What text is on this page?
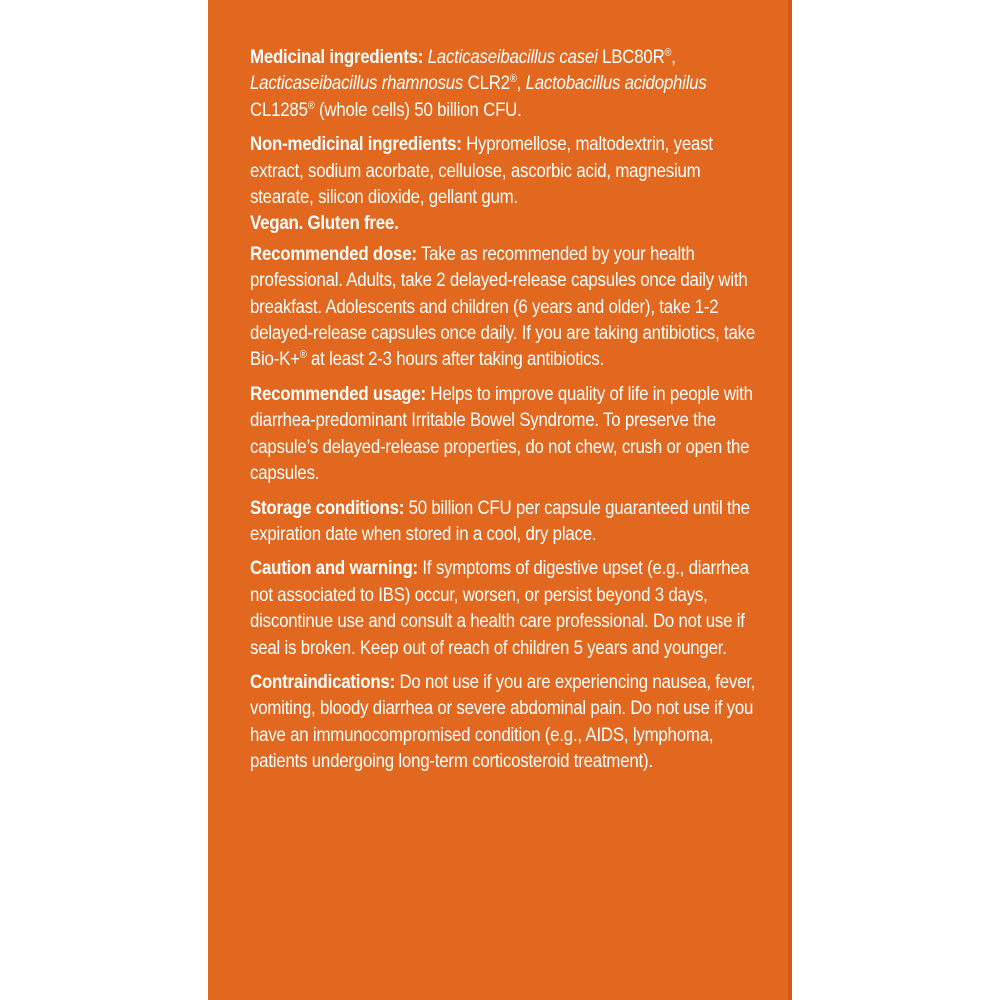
Medicinal ingredients: Lacticaseibacillus casei LBC80R®,
Lacticaseibacillus rhamnosus CLR2®, Lactobacillus acidophilus CL1285® (whole cells) 50 billion CFU.

Non-medicinal ingredients: Hypromellose, maltodextrin, yeast extract, sodium acorbate, cellulose, ascorbic acid, magnesium stearate, silicon dioxide, gellant gum.
Vegan. Gluten free.

Recommended dose: Take as recommended by your health professional. Adults, take 2 delayed-release capsules once daily with breakfast. Adolescents and children (6 years and older), take 1-2 delayed-release capsules once daily. If you are taking antibiotics, take Bio-K+® at least 2-3 hours after taking antibiotics.

Recommended usage: Helps to improve quality of life in people with diarrhea-predominant Irritable Bowel Syndrome. To preserve the capsule’s delayed-release properties, do not chew, crush or open the capsules.

Storage conditions: 50 billion CFU per capsule guaranteed until the expiration date when stored in a cool, dry place.

Caution and warning: If symptoms of digestive upset (e.g., diarrhea not associated to IBS) occur, worsen, or persist beyond 3 days, discontinue use and consult a health care professional. Do not use if seal is broken. Keep out of reach of children 5 years and younger.

Contraindications: Do not use if you are experiencing nausea, fever, vomiting, bloody diarrhea or severe abdominal pain. Do not use if you have an immunocompromised condition (e.g., AIDS, lymphoma, patients undergoing long-term corticosteroid treatment).
